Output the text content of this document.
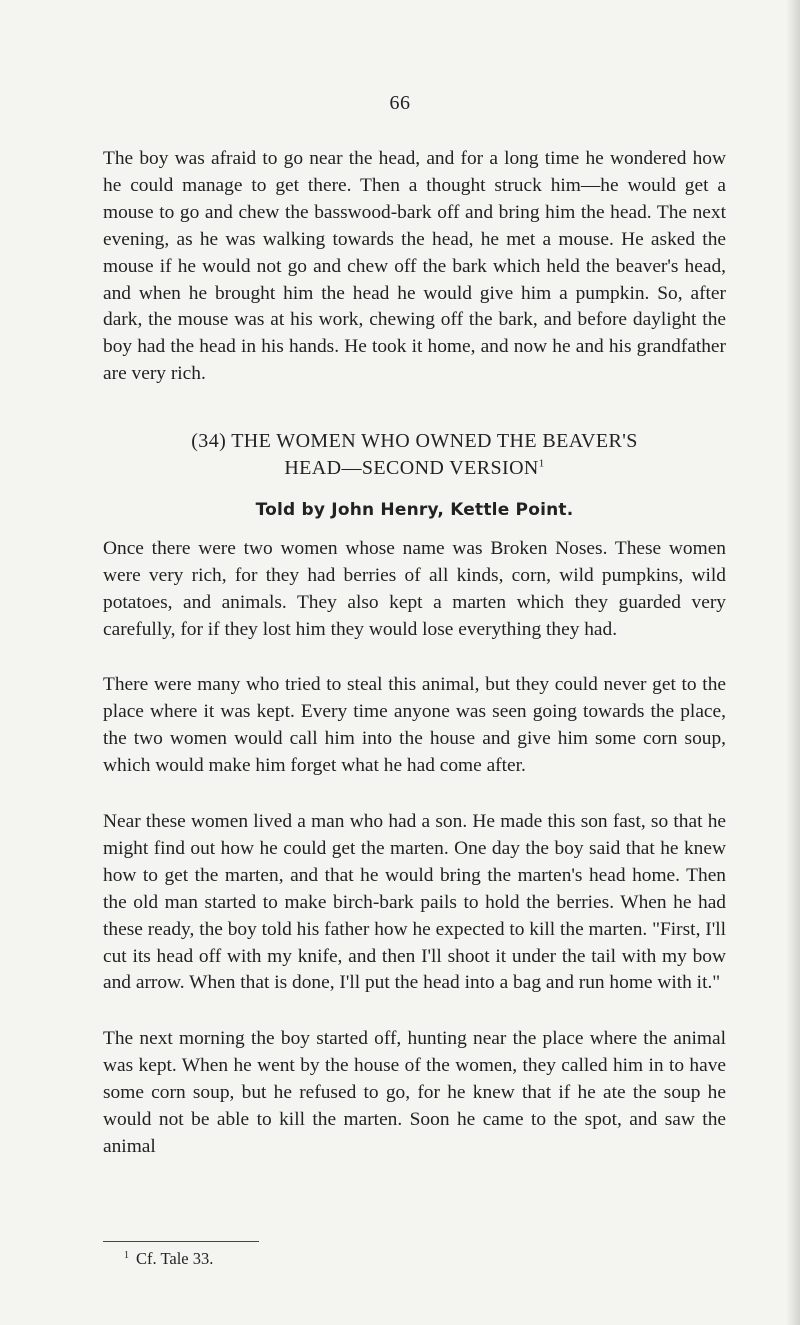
66

The boy was afraid to go near the head, and for a long time he wondered how he could manage to get there. Then a thought struck him—he would get a mouse to go and chew the basswood-bark off and bring him the head. The next evening, as he was walking towards the head, he met a mouse. He asked the mouse if he would not go and chew off the bark which held the beaver's head, and when he brought him the head he would give him a pumpkin. So, after dark, the mouse was at his work, chewing off the bark, and before daylight the boy had the head in his hands. He took it home, and now he and his grandfather are very rich.

(34) THE WOMEN WHO OWNED THE BEAVER'S
HEAD—SECOND VERSION$^1$
Told by John Henry, Kettle Point.

Once there were two women whose name was Broken Noses. These women were very rich, for they had berries of all kinds, corn, wild pumpkins, wild potatoes, and animals. They also kept a marten which they guarded very carefully, for if they lost him they would lose everything they had.

There were many who tried to steal this animal, but they could never get to the place where it was kept. Every time anyone was seen going towards the place, the two women would call him into the house and give him some corn soup, which would make him forget what he had come after.

Near these women lived a man who had a son. He made this son fast, so that he might find out how he could get the marten. One day the boy said that he knew how to get the marten, and that he would bring the marten's head home. Then the old man started to make birch-bark pails to hold the berries. When he had these ready, the boy told his father how he expected to kill the marten. "First, I'll cut its head off with my knife, and then I'll shoot it under the tail with my bow and arrow. When that is done, I'll put the head into a bag and run home with it."

The next morning the boy started off, hunting near the place where the animal was kept. When he went by the house of the women, they called him in to have some corn soup, but he refused to go, for he knew that if he ate the soup he would not be able to kill the marten. Soon he came to the spot, and saw the animal

$^1$ Cf. Tale 33.
